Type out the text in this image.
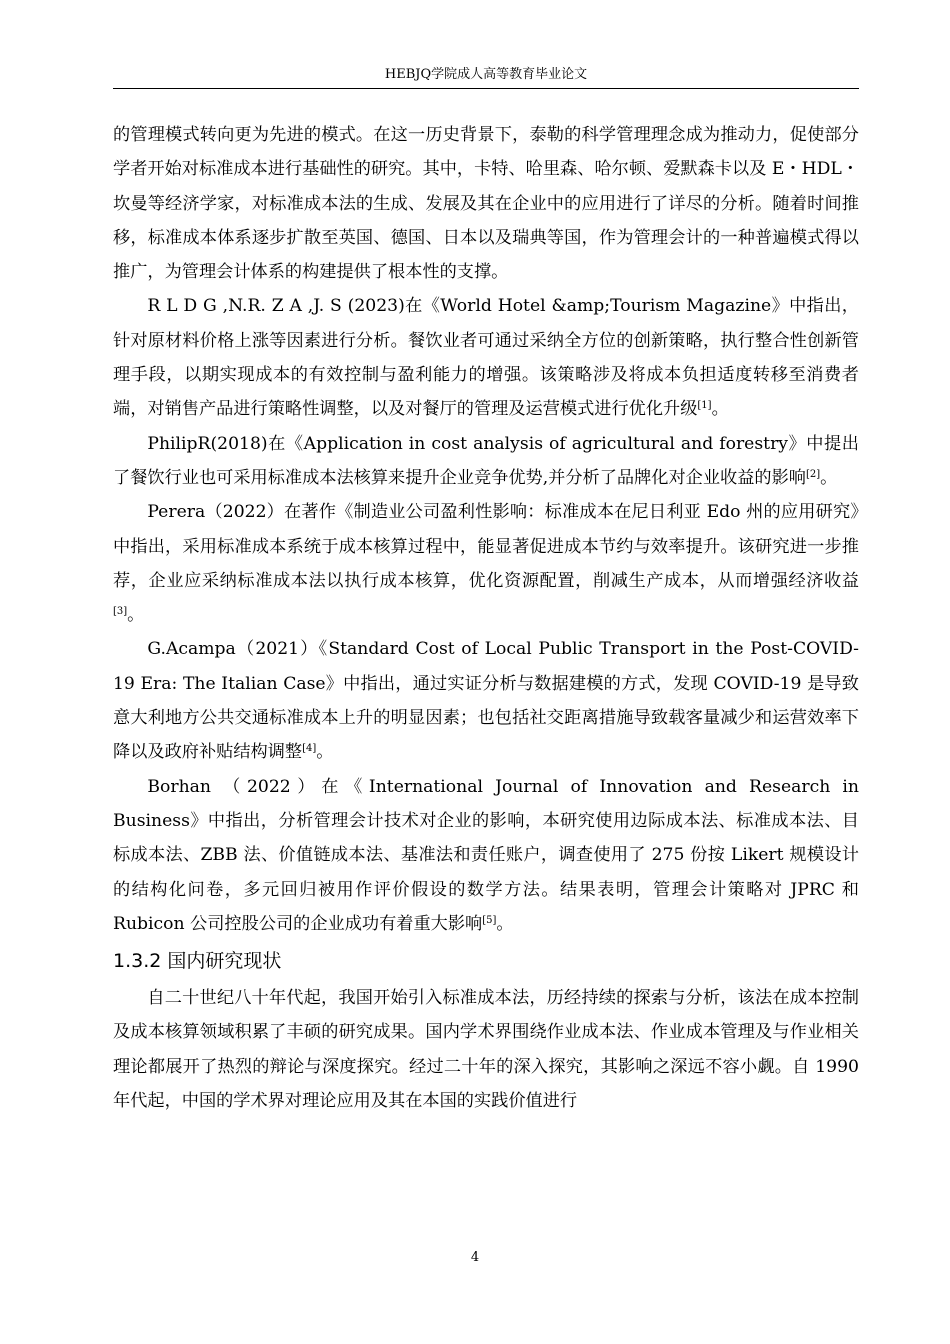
HEBJQ学院成人高等教育毕业论文

的管理模式转向更为先进的模式。在这一历史背景下，泰勒的科学管理理念成为推动力，促使部分学者开始对标准成本进行基础性的研究。其中，卡特、哈里森、哈尔顿、爱默森卡以及 E・HDL・坎曼等经济学家，对标准成本法的生成、发展及其在企业中的应用进行了详尽的分析。随着时间推移，标准成本体系逐步扩散至英国、德国、日本以及瑞典等国，作为管理会计的一种普遍模式得以推广，为管理会计体系的构建提供了根本性的支撑。

R L D G ,N.R. Z A ,J. S (2023)在《World Hotel &amp;Tourism Magazine》中指出，针对原材料价格上涨等因素进行分析。餐饮业者可通过采纳全方位的创新策略，执行整合性创新管理手段，以期实现成本的有效控制与盈利能力的增强。该策略涉及将成本负担适度转移至消费者端，对销售产品进行策略性调整，以及对餐厅的管理及运营模式进行优化升级[1]。

PhilipR(2018)在《Application in cost analysis of agricultural and forestry》中提出了餐饮行业也可采用标准成本法核算来提升企业竞争优势,并分析了品牌化对企业收益的影响[2]。

Perera（2022）在著作《制造业公司盈利性影响：标准成本在尼日利亚 Edo 州的应用研究》中指出，采用标准成本系统于成本核算过程中，能显著促进成本节约与效率提升。该研究进一步推荐，企业应采纳标准成本法以执行成本核算，优化资源配置，削减生产成本，从而增强经济收益[3]。

G.Acampa（2021）《Standard Cost of Local Public Transport in the Post-COVID-19 Era: The Italian Case》中指出，通过实证分析与数据建模的方式，发现 COVID-19 是导致意大利地方公共交通标准成本上升的明显因素；也包括社交距离措施导致载客量减少和运营效率下降以及政府补贴结构调整[4]。

Borhan （2022）在《International Journal of Innovation and Research in Business》中指出，分析管理会计技术对企业的影响，本研究使用边际成本法、标准成本法、目标成本法、ZBB 法、价值链成本法、基准法和责任账户，调查使用了 275 份按 Likert 规模设计的结构化问卷，多元回归被用作评价假设的数学方法。结果表明，管理会计策略对 JPRC 和 Rubicon 公司控股公司的企业成功有着重大影响[5]。

1.3.2 国内研究现状

自二十世纪八十年代起，我国开始引入标准成本法，历经持续的探索与分析，该法在成本控制及成本核算领域积累了丰硕的研究成果。国内学术界围绕作业成本法、作业成本管理及与作业相关理论都展开了热烈的辩论与深度探究。经过二十年的深入探究，其影响之深远不容小觑。自 1990 年代起，中国的学术界对理论应用及其在本国的实践价值进行

4
